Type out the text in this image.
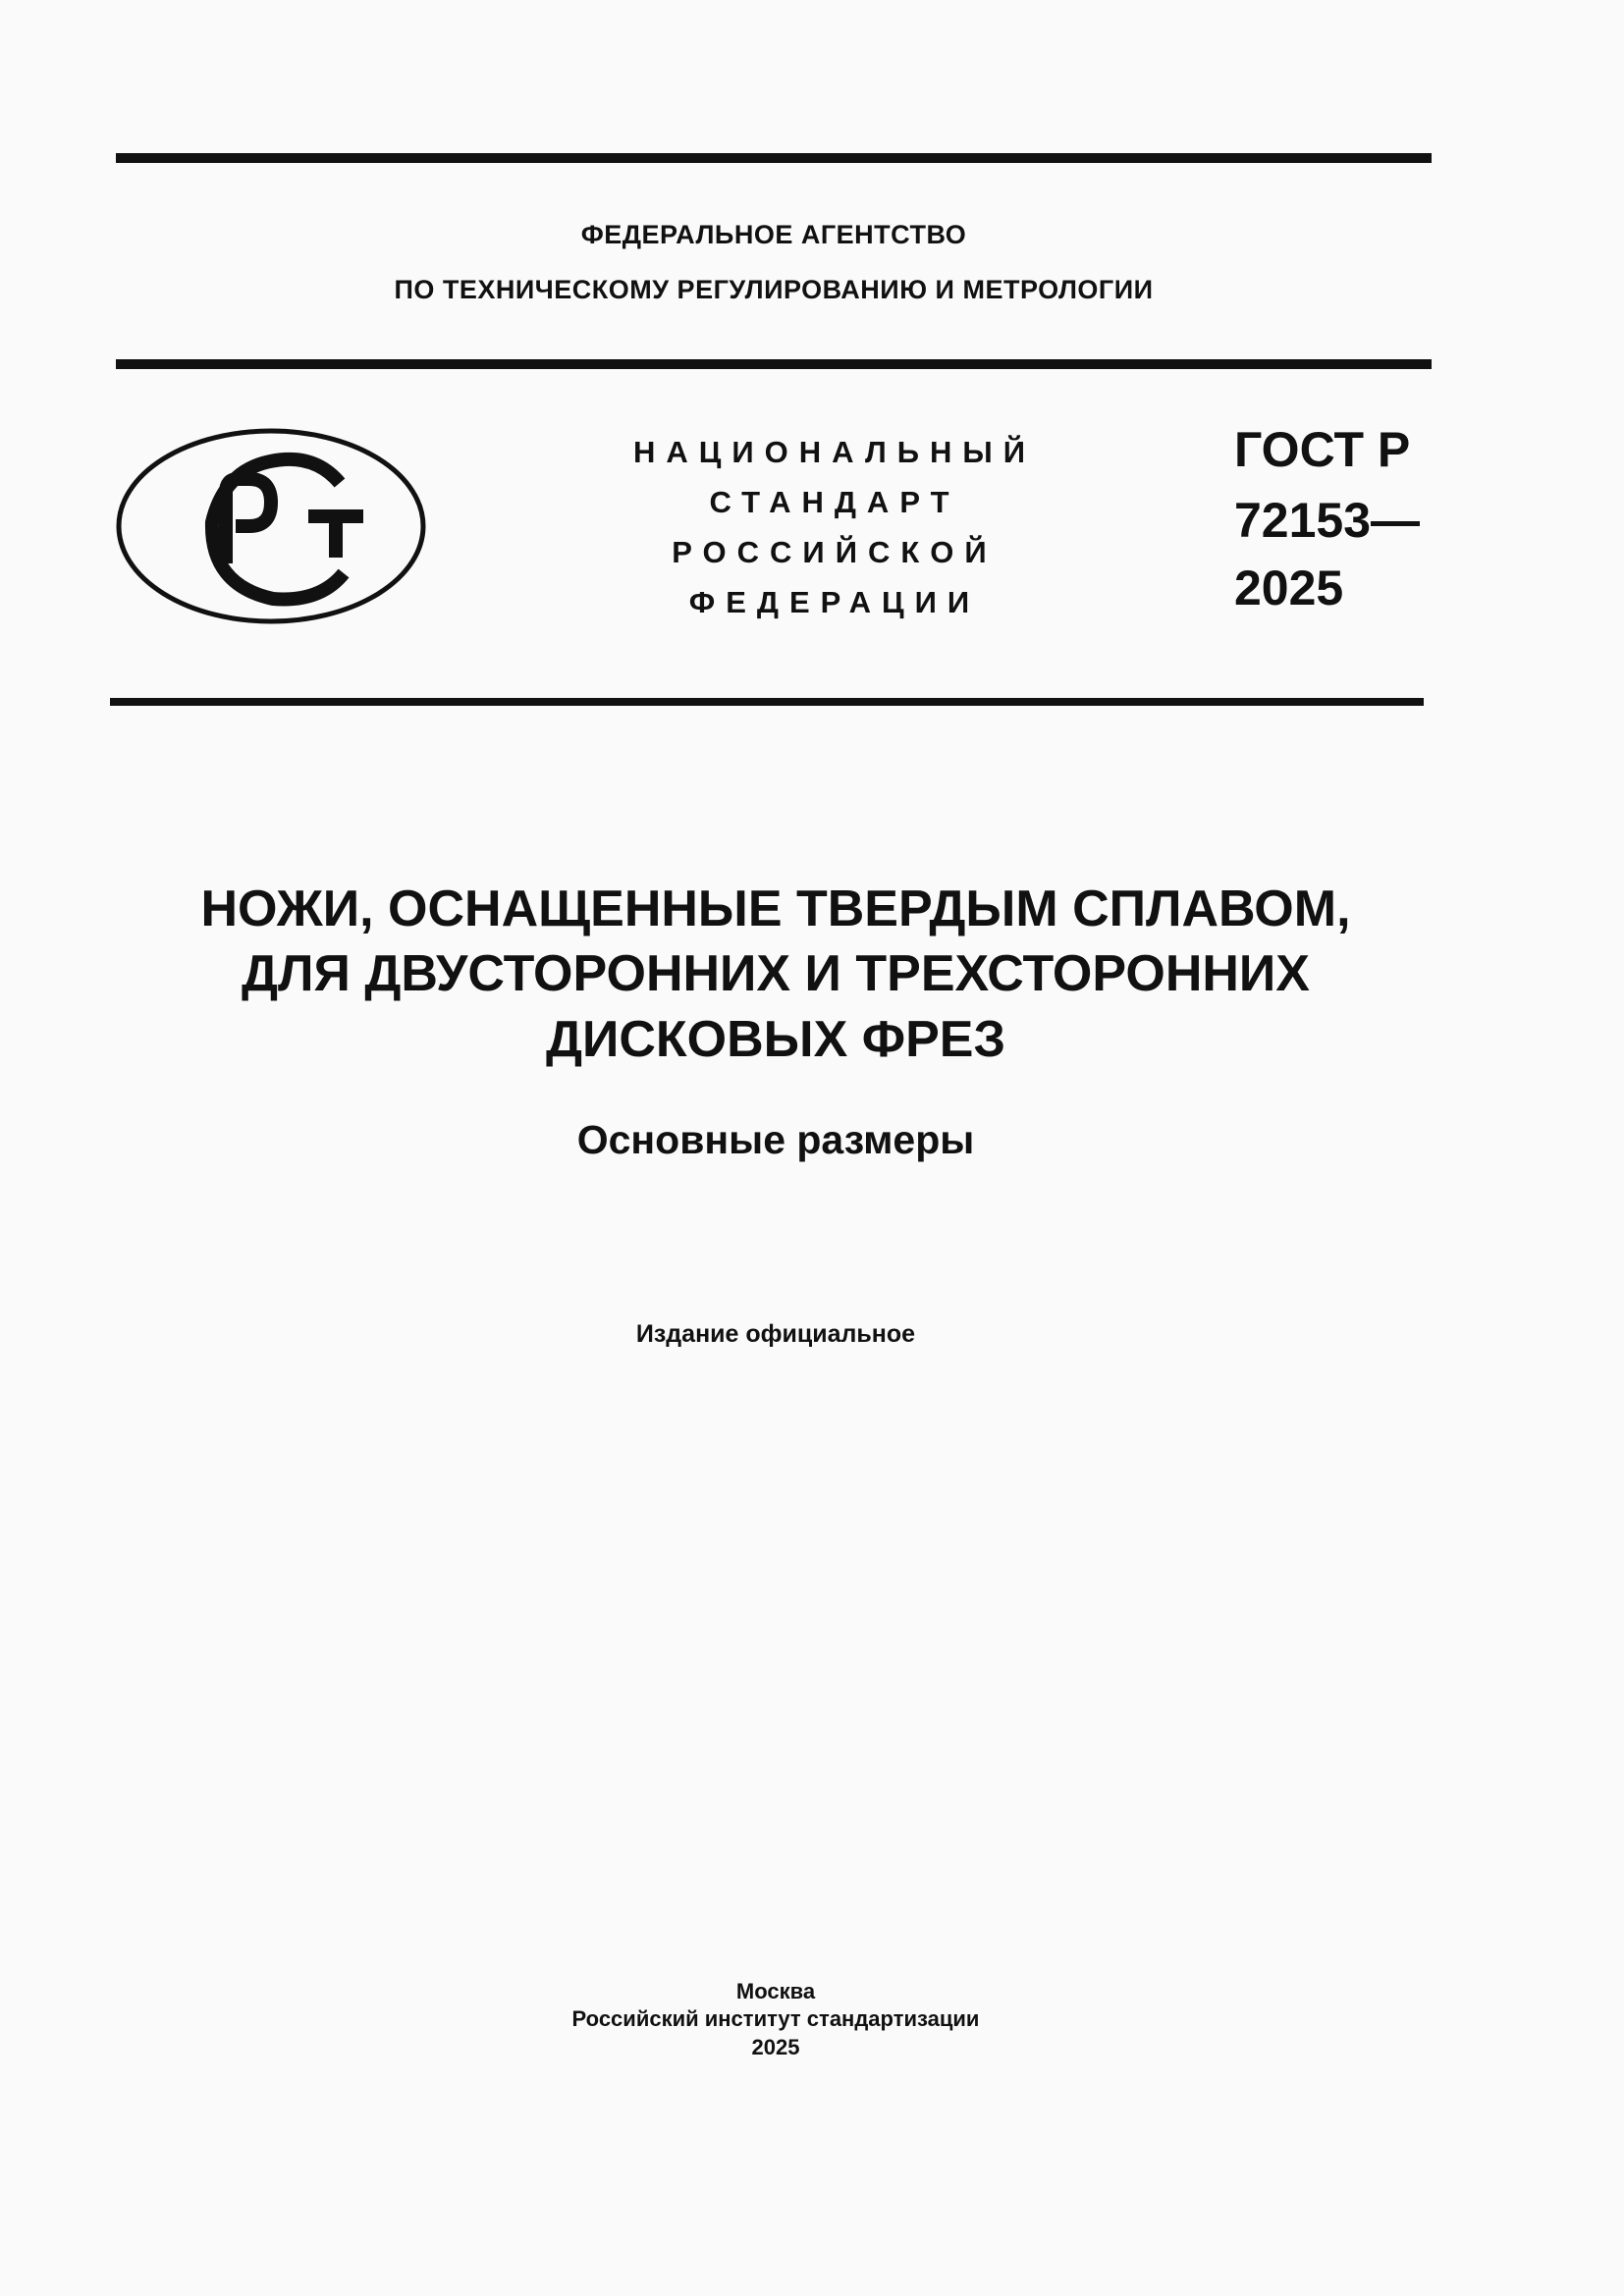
ФЕДЕРАЛЬНОЕ АГЕНТСТВО
ПО ТЕХНИЧЕСКОМУ РЕГУЛИРОВАНИЮ И МЕТРОЛОГИИ
НАЦИОНАЛЬНЫЙ
СТАНДАРТ
РОССИЙСКОЙ
ФЕДЕРАЦИИ
ГОСТ Р
72153—
2025
НОЖИ, ОСНАЩЕННЫЕ ТВЕРДЫМ СПЛАВОМ,
ДЛЯ ДВУСТОРОННИХ И ТРЕХСТОРОННИХ
ДИСКОВЫХ ФРЕЗ
Основные размеры
Издание официальное
Москва
Российский институт стандартизации
2025
